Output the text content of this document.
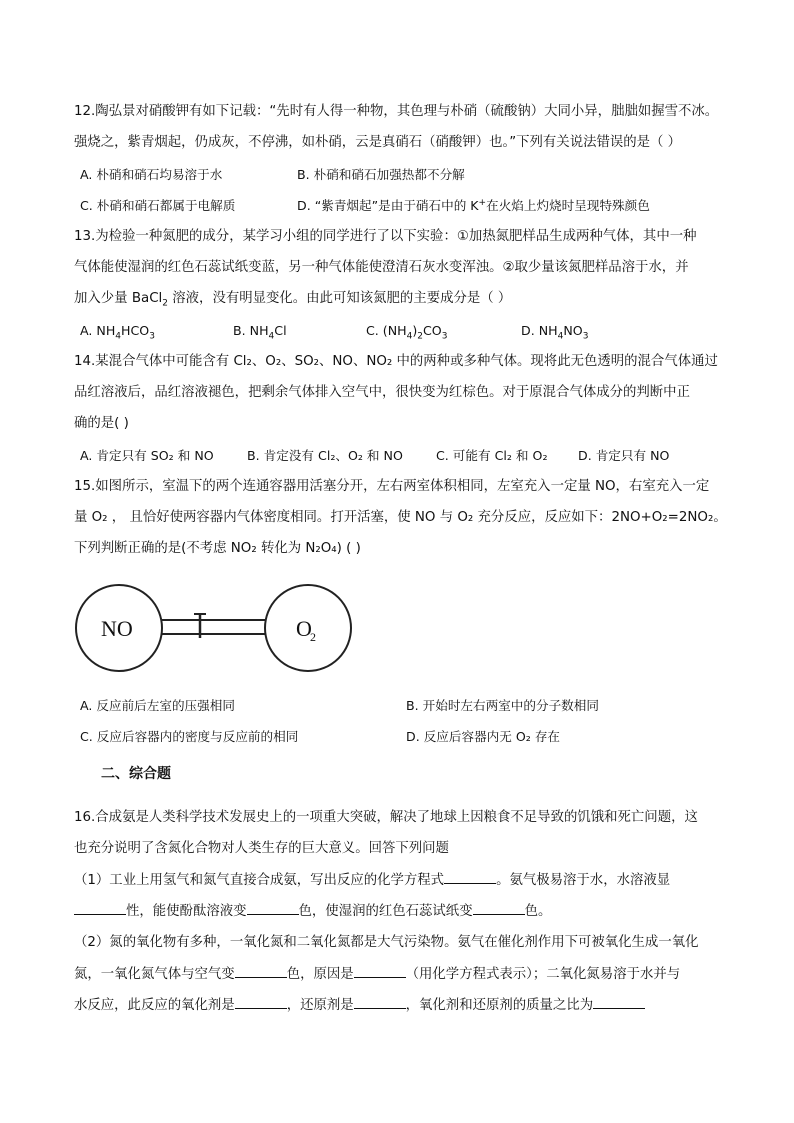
12.陶弘景对硝酸钾有如下记载：“先时有人得一种物，其色理与朴硝（硫酸钠）大同小异，朏朏如握雪不冰。
强烧之，紫青烟起，仍成灰，不停沸，如朴硝，云是真硝石（硝酸钾）也。”下列有关说法错误的是（ ）
A. 朴硝和硝石均易溶于水	B. 朴硝和硝石加强热都不分解
C. 朴硝和硝石都属于电解质	D. “紫青烟起”是由于硝石中的 K+在火焰上灼烧时呈现特殊颜色
13.为检验一种氮肥的成分，某学习小组的同学进行了以下实验：①加热氮肥样品生成两种气体，其中一种
气体能使湿润的红色石蕊试纸变蓝，另一种气体能使澄清石灰水变浑浊。②取少量该氮肥样品溶于水，并
加入少量 BaCl$_2$ 溶液，没有明显变化。由此可知该氮肥的主要成分是（ ）
A. $NH_4HCO_3$	B. $NH_4Cl$	C. $(NH_4)_2CO_3$	D. $NH_4NO_3$
14.某混合气体中可能含有 Cl₂、O₂、SO₂、NO、NO₂ 中的两种或多种气体。现将此无色透明的混合气体通过
品红溶液后，品红溶液褪色，把剩余气体排入空气中，很快变为红棕色。对于原混合气体成分的判断中正
确的是( )
A. 肯定只有 SO₂ 和 NO	B. 肯定没有 Cl₂、O₂ 和 NO	C. 可能有 Cl₂ 和 O₂ D. 肯定只有 NO
15.如图所示，室温下的两个连通容器用活塞分开，左右两室体积相同，左室充入一定量 NO，右室充入一定
量 O₂ ， 且恰好使两容器内气体密度相同。打开活塞，使 NO 与 O₂ 充分反应，反应如下：2NO+O₂=2NO₂。
下列判断正确的是(不考虑 NO₂ 转化为 N₂O₄) ( )
NO	O
2
A. 反应前后左室的压强相同	B. 开始时左右两室中的分子数相同
C. 反应后容器内的密度与反应前的相同	D. 反应后容器内无 O₂ 存在
二、综合题
16.合成氨是人类科学技术发展史上的一项重大突破，解决了地球上因粮食不足导致的饥饿和死亡问题，这
也充分说明了含氮化合物对人类生存的巨大意义。回答下列问题
（1）工业上用氢气和氮气直接合成氨，写出反应的化学方程式	。氨气极易溶于水，水溶液显
性，能使酚酞溶液变	色，使湿润的红色石蕊试纸变	色。
（2）氮的氧化物有多种，一氧化氮和二氧化氮都是大气污染物。氨气在催化剂作用下可被氧化生成一氧化
氮，一氧化氮气体与空气变	色，原因是	（用化学方程式表示）；二氧化氮易溶于水并与
水反应，此反应的氧化剂是	，还原剂是	，氧化剂和还原剂的质量之比为
